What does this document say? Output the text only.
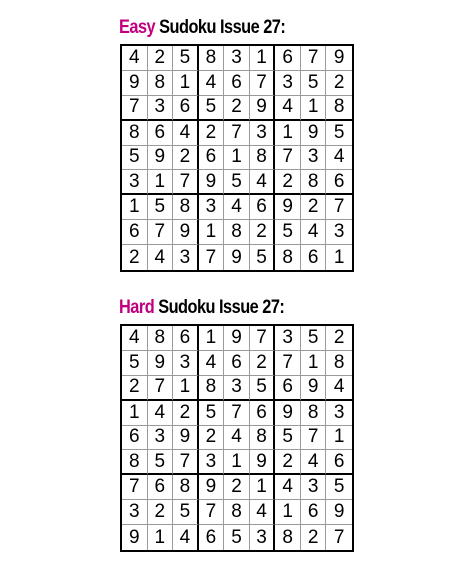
Easy Sudoku Issue 27:
4 2 5 8 3 1 6 7 9
9 8 1 4 6 7 3 5 2
7 3 6 5 2 9 4 1 8
8 6 4 2 7 3 1 9 5
5 9 2 6 1 8 7 3 4
3 1 7 9 5 4 2 8 6
1 5 8 3 4 6 9 2 7
6 7 9 1 8 2 5 4 3
2 4 3 7 9 5 8 6 1
Hard Sudoku Issue 27:
4 8 6 1 9 7 3 5 2
5 9 3 4 6 2 7 1 8
2 7 1 8 3 5 6 9 4
1 4 2 5 7 6 9 8 3
6 3 9 2 4 8 5 7 1
8 5 7 3 1 9 2 4 6
7 6 8 9 2 1 4 3 5
3 2 5 7 8 4 1 6 9
9 1 4 6 5 3 8 2 7
